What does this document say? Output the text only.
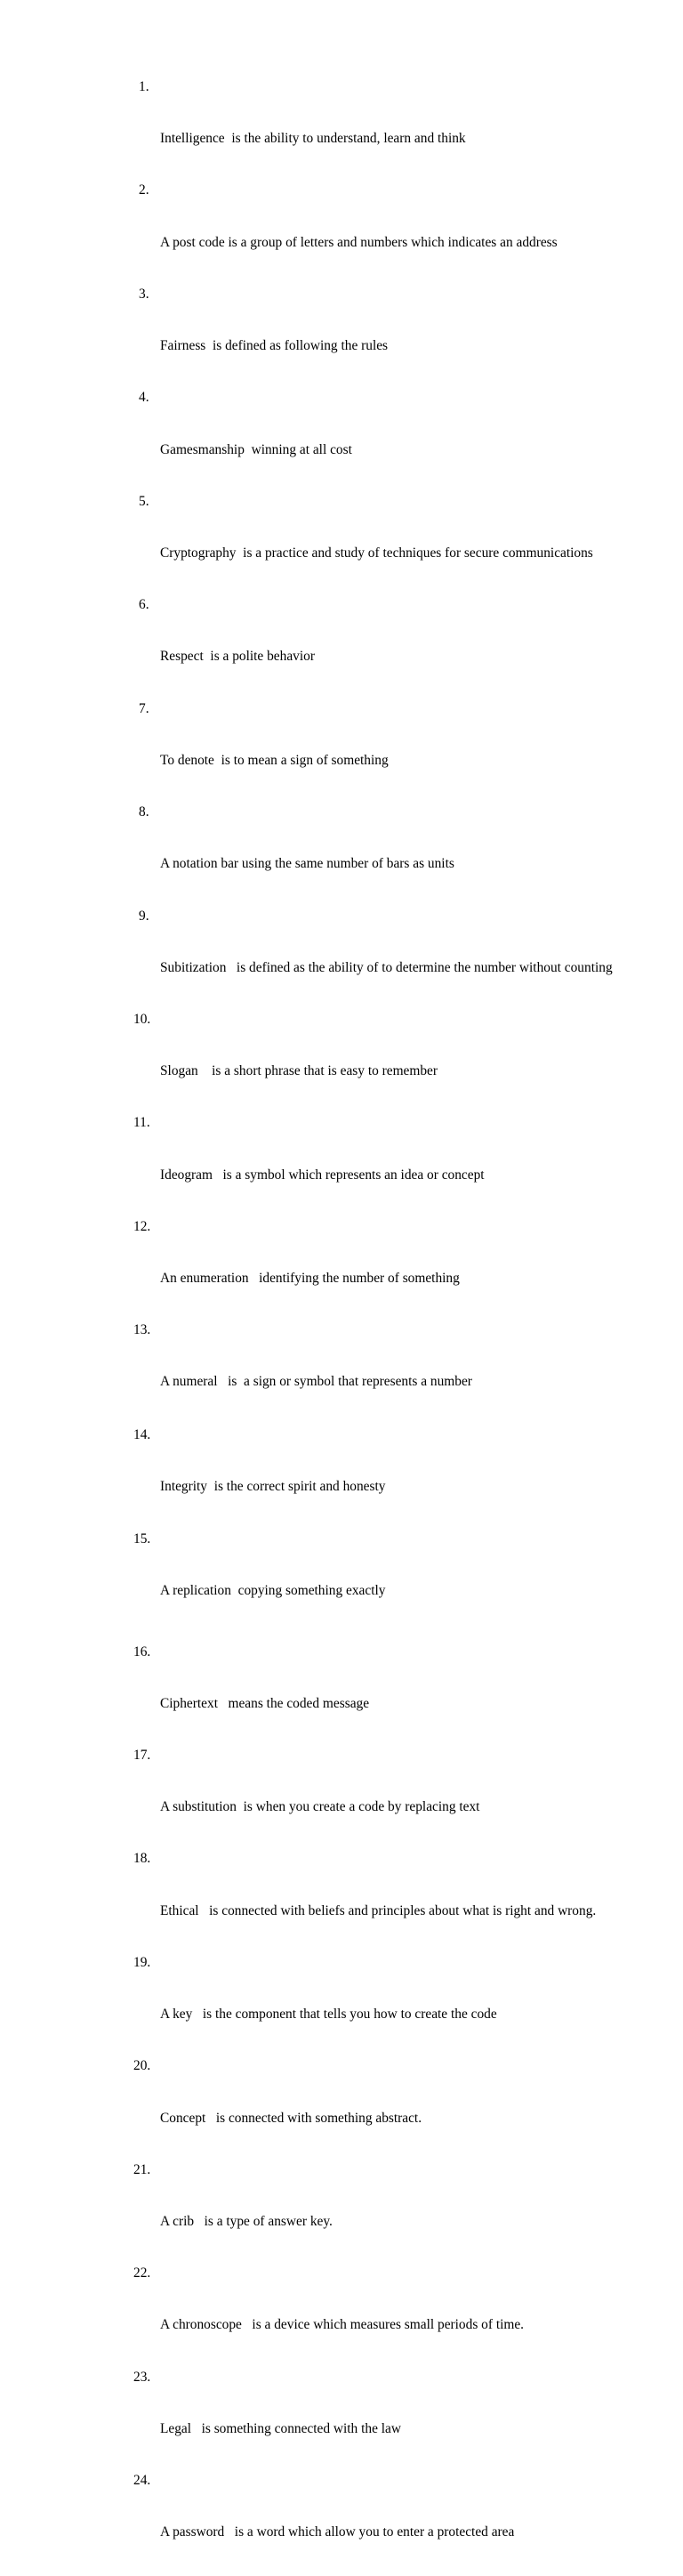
1.

Intelligence  is the ability to understand, learn and think

2.

A post code is a group of letters and numbers which indicates an address

3.

Fairness  is defined as following the rules

4.

Gamesmanship  winning at all cost

5.

Cryptography  is a practice and study of techniques for secure communications

6.

Respect  is a polite behavior

7.

To denote  is to mean a sign of something

8.

A notation bar using the same number of bars as units

9.

Subitization   is defined as the ability of to determine the number without counting

10.

Slogan    is a short phrase that is easy to remember

11.

Ideogram   is a symbol which represents an idea or concept

12.

An enumeration   identifying the number of something

13.

A numeral   is  a sign or symbol that represents a number

14.

Integrity  is the correct spirit and honesty

15.

A replication  copying something exactly

16.

Ciphertext   means the coded message

17.

A substitution  is when you create a code by replacing text

18.

Ethical   is connected with beliefs and principles about what is right and wrong.

19.

A key   is the component that tells you how to create the code

20.

Concept   is connected with something abstract.

21.

A crib   is a type of answer key.

22.

A chronoscope   is a device which measures small periods of time.

23.

Legal   is something connected with the law

24.

A password   is a word which allow you to enter a protected area
